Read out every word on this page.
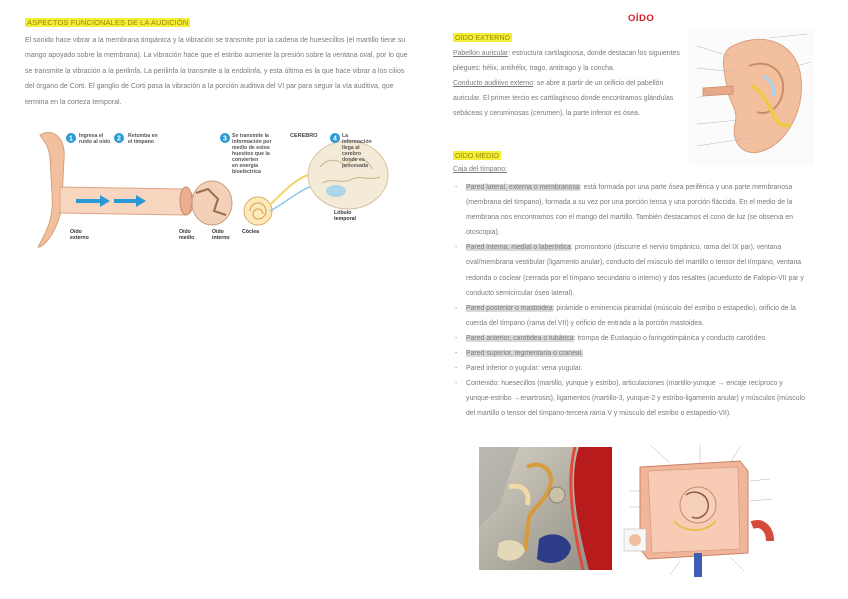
ASPECTOS FUNCIONALES DE LA AUDICIÓN

El sonido hace vibrar a la membrana timpánica y la vibración se transmite por la cadena de huesecillos (el martillo tiene su mango apoyado sobre la membrana). La vibración hace que el estribo aumente la presión sobre la ventana oval, por lo que se transmite la vibración a la perilinfa. La perilinfa la transmite a la endolinfa, y esta última es la que hace vibrar a los cilios del órgano de Corti. El ganglio de Corti pasa la vibración a la porción auditiva del VI par para seguir la vía auditiva, que termina en la corteza temporal.

1 Ingresa el
ruido al oído 2 Retumba en
el tímpano	3 Se transmite la
información por
medio de estos
huesitos que la
convierten
en energía
bioeléctrica
CEREBRO 4 La
información
llega al
cerebro
donde es
procesada
Oído
externo
Oído
medio
Oído
interno
Cóclea
Lóbulo
temporal
OÍDO
OÍDO EXTERNO

Pabellón auricular: estructura cartilaginosa, donde destacan los siguientes pliegues: hélix, antihélix, trago, antitrago y la concha.

Conducto auditivo externo: se abre a partir de un orificio del pabellón auricular. El primer tercio es cartilaginoso donde encontramos glándulas sebáceas y ceruminosas (cerumen), la parte inferior es ósea.

OÍDO MEDIO
Caja del tímpano:
- Pared lateral, externa o membranosa: está formada por una parte ósea periférica y una parte membranosa (membrana del tímpano), formada a su vez por una porción tensa y una porción fláccida. En el medio de la membrana nos encontramos con el mango del martillo. También destacamos el cono de luz (se observa en otoscopia).
- Pared interna, medial o laberíntica: promontorio (discurre el nervio timpánico, rama del IX par), ventana oval/membrana vestibular (ligamento anular), conducto del músculo del martillo o tensor del tímpano, ventana redonda o coclear (cerrada por el tímpano secundario o interno) y dos resaltes (acueducto de Falopio-VII par y conducto semicircular óseo lateral).
- Pared posterior o mastoidea: pirámide o eminencia piramidal (músculo del estribo o estapedio), orificio de la cuerda del tímpano (rama del VII) y orificio de entrada a la porción mastoidea.
- Pared anterior, carotidea o tubárica: trompa de Eustaquio o faringotimpánica y conducto carotídeo.
- Pared superior, tegmentaria o craneal.
- Pared inferior o yugular: vena yugular.
- Contenido: huesecillos (martillo, yunque y estribo), articulaciones (martillo-yunque → encaje recíproco y yunque-estribo →enartrosis), ligamentos (martillo-3, yunque-2 y estribo-ligamento anular) y músculos (músculo del martillo o tensor del tímpano-tercera rama V y músculo del estribo o estapedio-VII).
